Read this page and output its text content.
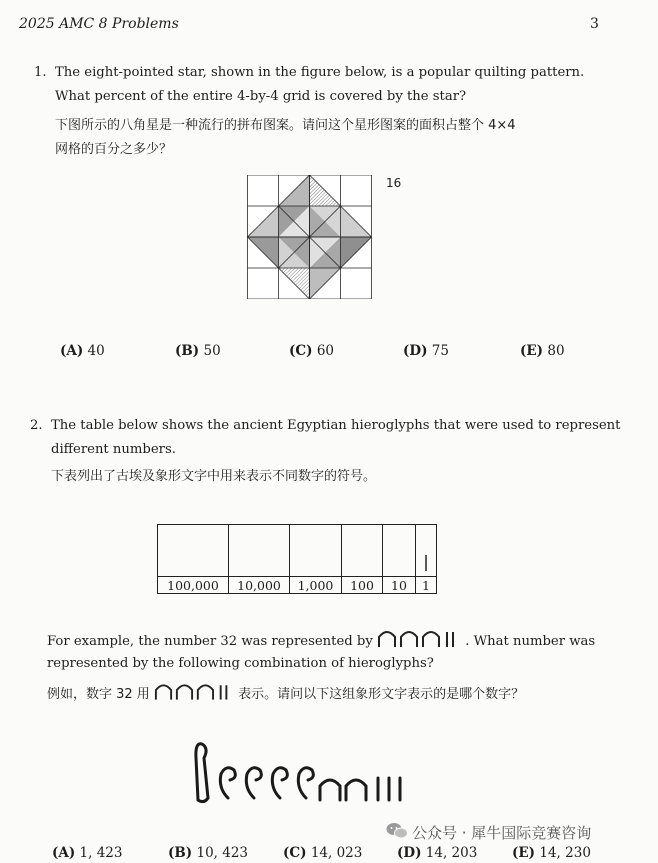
2025 AMC 8 Problems	3
1. The eight-pointed star, shown in the figure below, is a popular quilting pattern.
What percent of the entire 4-by-4 grid is covered by the star?
下图所示的八角星是一种流行的拼布图案。请问这个星形图案的面积占整个 4×4
网格的百分之多少？
16
(A) 40	(B) 50	(C) 60	(D) 75	(E) 80
2. The table below shows the ancient Egyptian hieroglyphs that were used to represent
different numbers.
下表列出了古埃及象形文字中用来表示不同数字的符号。

100,000	10,000	1,000	100	10	1
For example, the number 32 was represented by	. What number was
represented by the following combination of hieroglyphs?
例如，数字 32 用	表示。请问以下这组象形文字表示的是哪个数字？
(A) 1, 423	(B) 10, 423	(C) 14, 023	(D) 14, 203	(E) 14, 230
公众号 · 犀牛国际竞赛咨询
